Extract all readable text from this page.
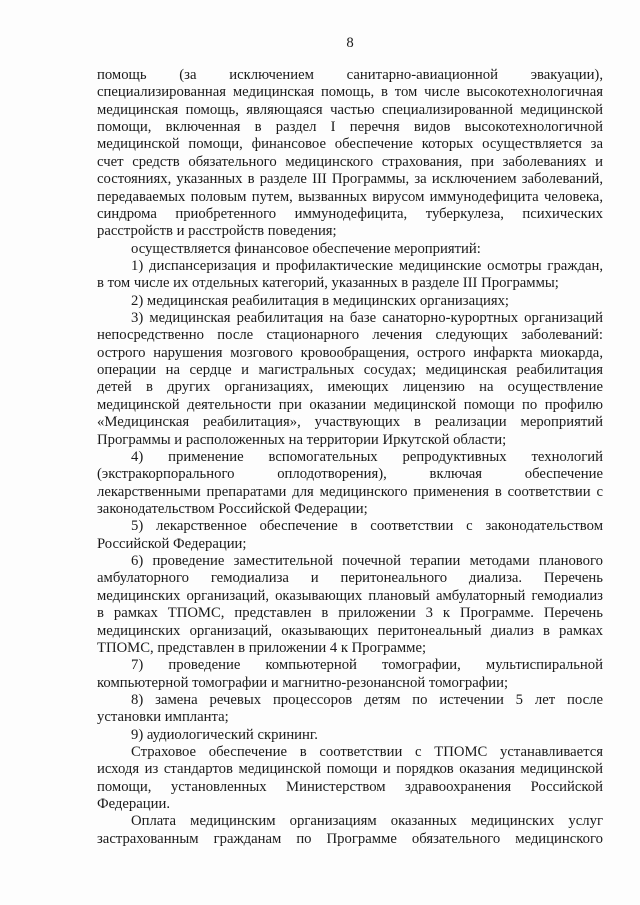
8
помощь (за исключением санитарно-авиационной эвакуации),
специализированная медицинская помощь, в том числе высокотехнологичная
медицинская помощь, являющаяся частью специализированной медицинской
помощи, включенная в раздел I перечня видов высокотехнологичной
медицинской помощи, финансовое обеспечение которых осуществляется за
счет средств обязательного медицинского страхования, при заболеваниях и
состояниях, указанных в разделе III Программы, за исключением заболеваний,
передаваемых половым путем, вызванных вирусом иммунодефицита человека,
синдрома приобретенного иммунодефицита, туберкулеза, психических
расстройств и расстройств поведения;
осуществляется финансовое обеспечение мероприятий:
1) диспансеризация и профилактические медицинские осмотры граждан,
в том числе их отдельных категорий, указанных в разделе III Программы;
2) медицинская реабилитация в медицинских организациях;
3) медицинская реабилитация на базе санаторно-курортных организаций
непосредственно после стационарного лечения следующих заболеваний:
острого нарушения мозгового кровообращения, острого инфаркта миокарда,
операции на сердце и магистральных сосудах; медицинская реабилитация
детей в других организациях, имеющих лицензию на осуществление
медицинской деятельности при оказании медицинской помощи по профилю
«Медицинская реабилитация», участвующих в реализации мероприятий
Программы и расположенных на территории Иркутской области;
4) применение вспомогательных репродуктивных технологий
(экстракорпорального оплодотворения), включая обеспечение
лекарственными препаратами для медицинского применения в соответствии с
законодательством Российской Федерации;
5) лекарственное обеспечение в соответствии с законодательством
Российской Федерации;
6) проведение заместительной почечной терапии методами планового
амбулаторного гемодиализа и перитонеального диализа. Перечень
медицинских организаций, оказывающих плановый амбулаторный гемодиализ
в рамках ТПОМС, представлен в приложении 3 к Программе. Перечень
медицинских организаций, оказывающих перитонеальный диализ в рамках
ТПОМС, представлен в приложении 4 к Программе;
7) проведение компьютерной томографии, мультиспиральной
компьютерной томографии и магнитно-резонансной томографии;
8) замена речевых процессоров детям по истечении 5 лет после
установки импланта;
9) аудиологический скрининг.
Страховое обеспечение в соответствии с ТПОМС устанавливается
исходя из стандартов медицинской помощи и порядков оказания медицинской
помощи, установленных Министерством здравоохранения Российской
Федерации.
Оплата медицинским организациям оказанных медицинских услуг
застрахованным гражданам по Программе обязательного медицинского
